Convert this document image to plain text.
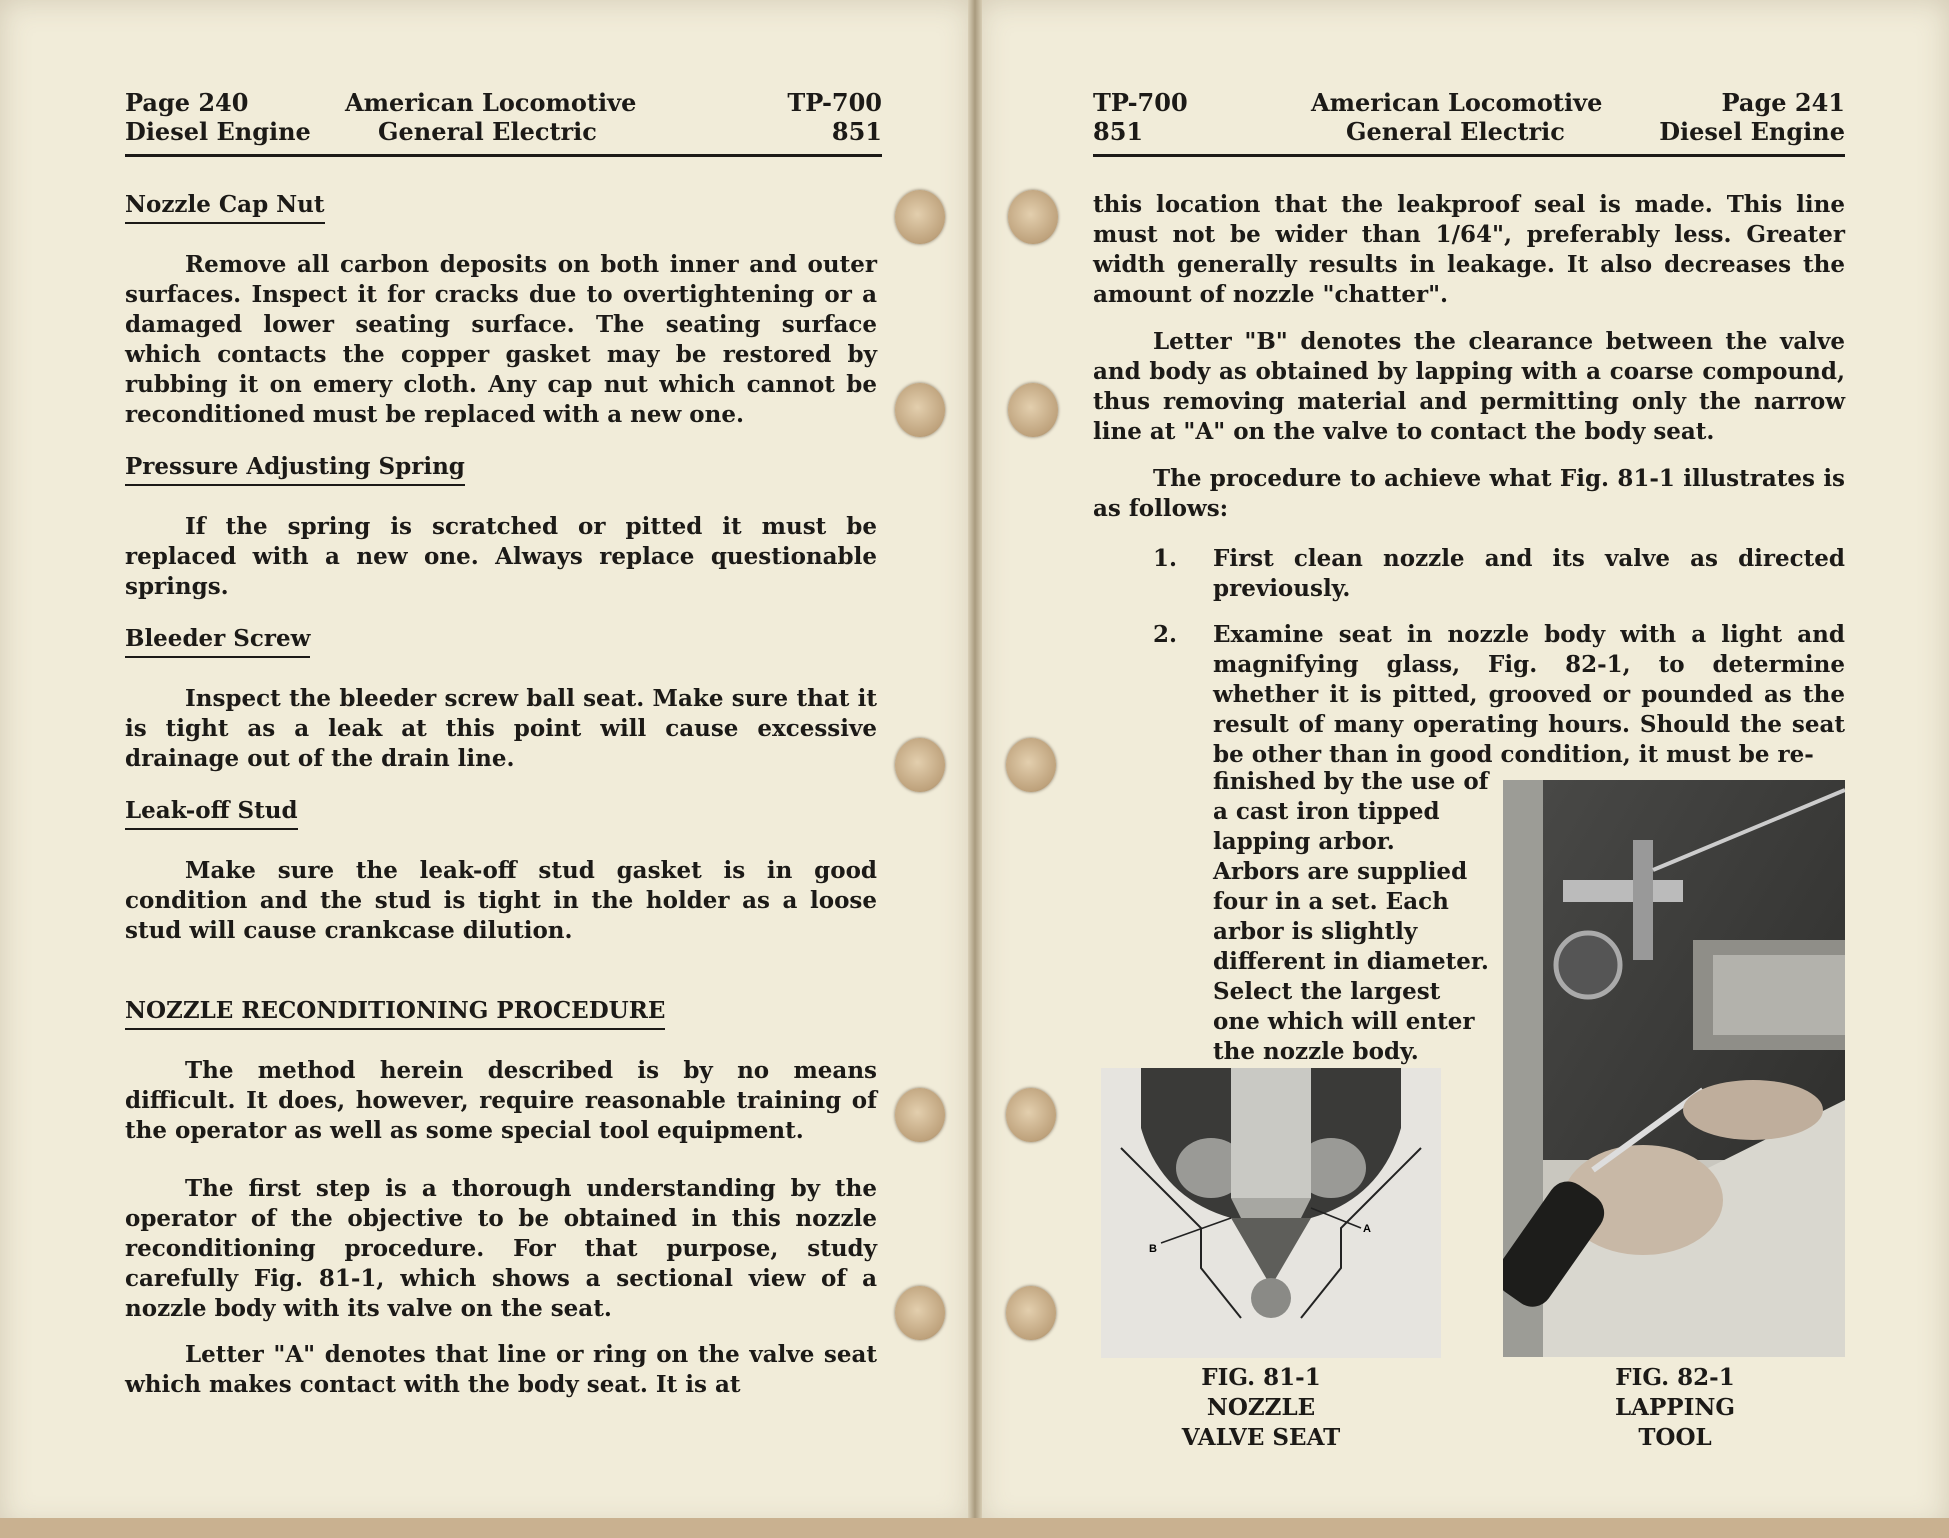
Page 240
Diesel Engine
American Locomotive
General Electric
TP-700
851
Nozzle Cap Nut

Remove all carbon deposits on both inner and outer surfaces. Inspect it for cracks due to overtightening or a damaged lower seating surface. The seating surface which contacts the copper gasket may be restored by rubbing it on emery cloth. Any cap nut which cannot be reconditioned must be replaced with a new one.

Pressure Adjusting Spring

If the spring is scratched or pitted it must be replaced with a new one. Always replace questionable springs.

Bleeder Screw

Inspect the bleeder screw ball seat. Make sure that it is tight as a leak at this point will cause excessive drainage out of the drain line.

Leak-off Stud

Make sure the leak-off stud gasket is in good condition and the stud is tight in the holder as a loose stud will cause crankcase dilution.

NOZZLE RECONDITIONING PROCEDURE

The method herein described is by no means difficult. It does, however, require reasonable training of the operator as well as some special tool equipment.

The first step is a thorough understanding by the operator of the objective to be obtained in this nozzle reconditioning procedure. For that purpose, study carefully Fig. 81-1, which shows a sectional view of a nozzle body with its valve on the seat.

Letter "A" denotes that line or ring on the valve seat which makes contact with the body seat. It is at

TP-700
851
American Locomotive
General Electric
Page 241
Diesel Engine

this location that the leakproof seal is made. This line must not be wider than 1/64", preferably less. Greater width generally results in leakage. It also decreases the amount of nozzle "chatter".

Letter "B" denotes the clearance between the valve and body as obtained by lapping with a coarse compound, thus removing material and permitting only the narrow line at "A" on the valve to contact the body seat.

The procedure to achieve what Fig. 81-1 illustrates is as follows:

1. First clean nozzle and its valve as directed previously.

2. Examine seat in nozzle body with a light and magnifying glass, Fig. 82-1, to determine whether it is pitted, grooved or pounded as the result of many operating hours. Should the seat be other than in good condition, it must be re-

finished by the use of a cast iron tipped lapping arbor. Arbors are supplied four in a set. Each arbor is slightly different in diameter. Select the largest one which will enter the nozzle body.

B
A
FIG. 81-1
NOZZLE
VALVE SEAT
FIG. 82-1
LAPPING
TOOL
